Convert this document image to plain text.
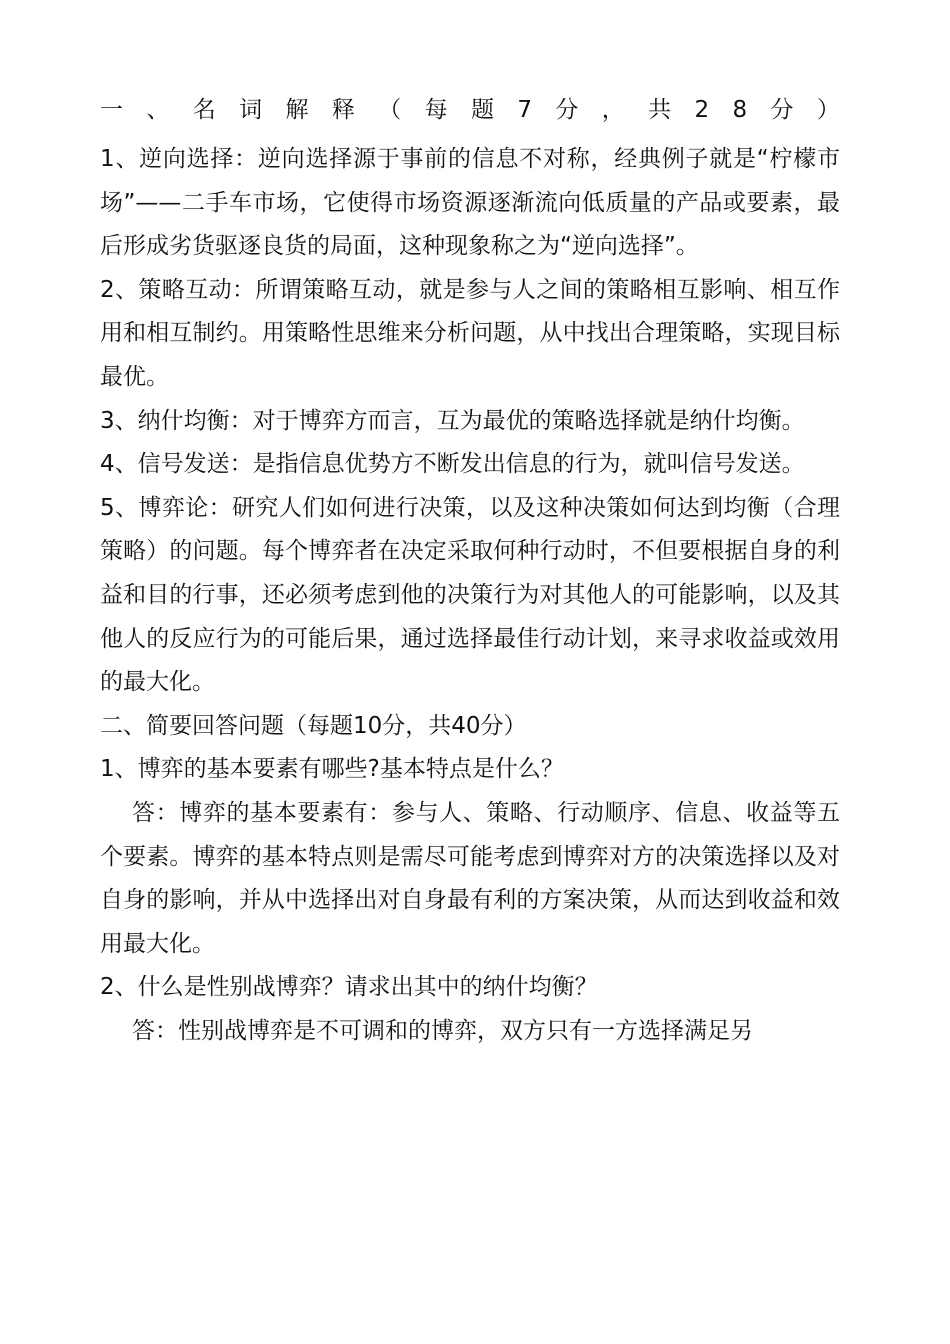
一 、 名 词 解 释 （ 每 题 7 分 ， 共 2 8 分 ）

1、逆向选择：逆向选择源于事前的信息不对称，经典例子就是“柠檬市场”——二手车市场，它使得市场资源逐渐流向低质量的产品或要素，最后形成劣货驱逐良货的局面，这种现象称之为“逆向选择”。

2、策略互动：所谓策略互动，就是参与人之间的策略相互影响、相互作用和相互制约。用策略性思维来分析问题，从中找出合理策略，实现目标最优。

3、纳什均衡：对于博弈方而言，互为最优的策略选择就是纳什均衡。

4、信号发送：是指信息优势方不断发出信息的行为，就叫信号发送。

5、博弈论：研究人们如何进行决策，以及这种决策如何达到均衡（合理策略）的问题。每个博弈者在决定采取何种行动时，不但要根据自身的利益和目的行事，还必须考虑到他的决策行为对其他人的可能影响，以及其他人的反应行为的可能后果，通过选择最佳行动计划，来寻求收益或效用的最大化。

二、简要回答问题（每题10分，共40分）

1、博弈的基本要素有哪些?基本特点是什么？

答：博弈的基本要素有：参与人、策略、行动顺序、信息、收益等五个要素。博弈的基本特点则是需尽可能考虑到博弈对方的决策选择以及对自身的影响，并从中选择出对自身最有利的方案决策，从而达到收益和效用最大化。

2、什么是性别战博弈？请求出其中的纳什均衡？

答：性别战博弈是不可调和的博弈，双方只有一方选择满足另
